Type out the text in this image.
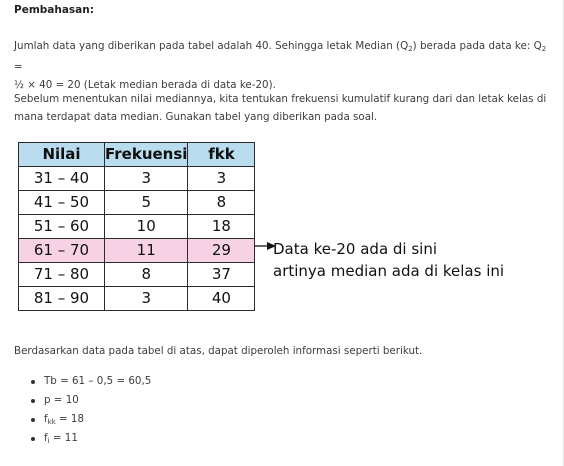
Pembahasan:
Jumlah data yang diberikan pada tabel adalah 40. Sehingga letak Median $(Q_2)$ berada pada data ke: $Q_2$ =
½ × 40 = 20 (Letak median berada di data ke-20).
Sebelum menentukan nilai mediannya, kita tentukan frekuensi kumulatif kurang dari dan letak kelas di
mana terdapat data median. Gunakan tabel yang diberikan pada soal.
Nilai	Frekuensi	fkk
31 – 40	3	3
41 – 50	5	8
51 – 60	10	18
61 – 70	11	29
71 – 80	8	37
81 – 90	3	40
Data ke-20 ada di sini
artinya median ada di kelas ini
Berdasarkan data pada tabel di atas, dapat diperoleh informasi seperti berikut.
Tb = 61 – 0,5 = 60,5
p = 10
$f_{kk} = 18$
$f_i = 11$
